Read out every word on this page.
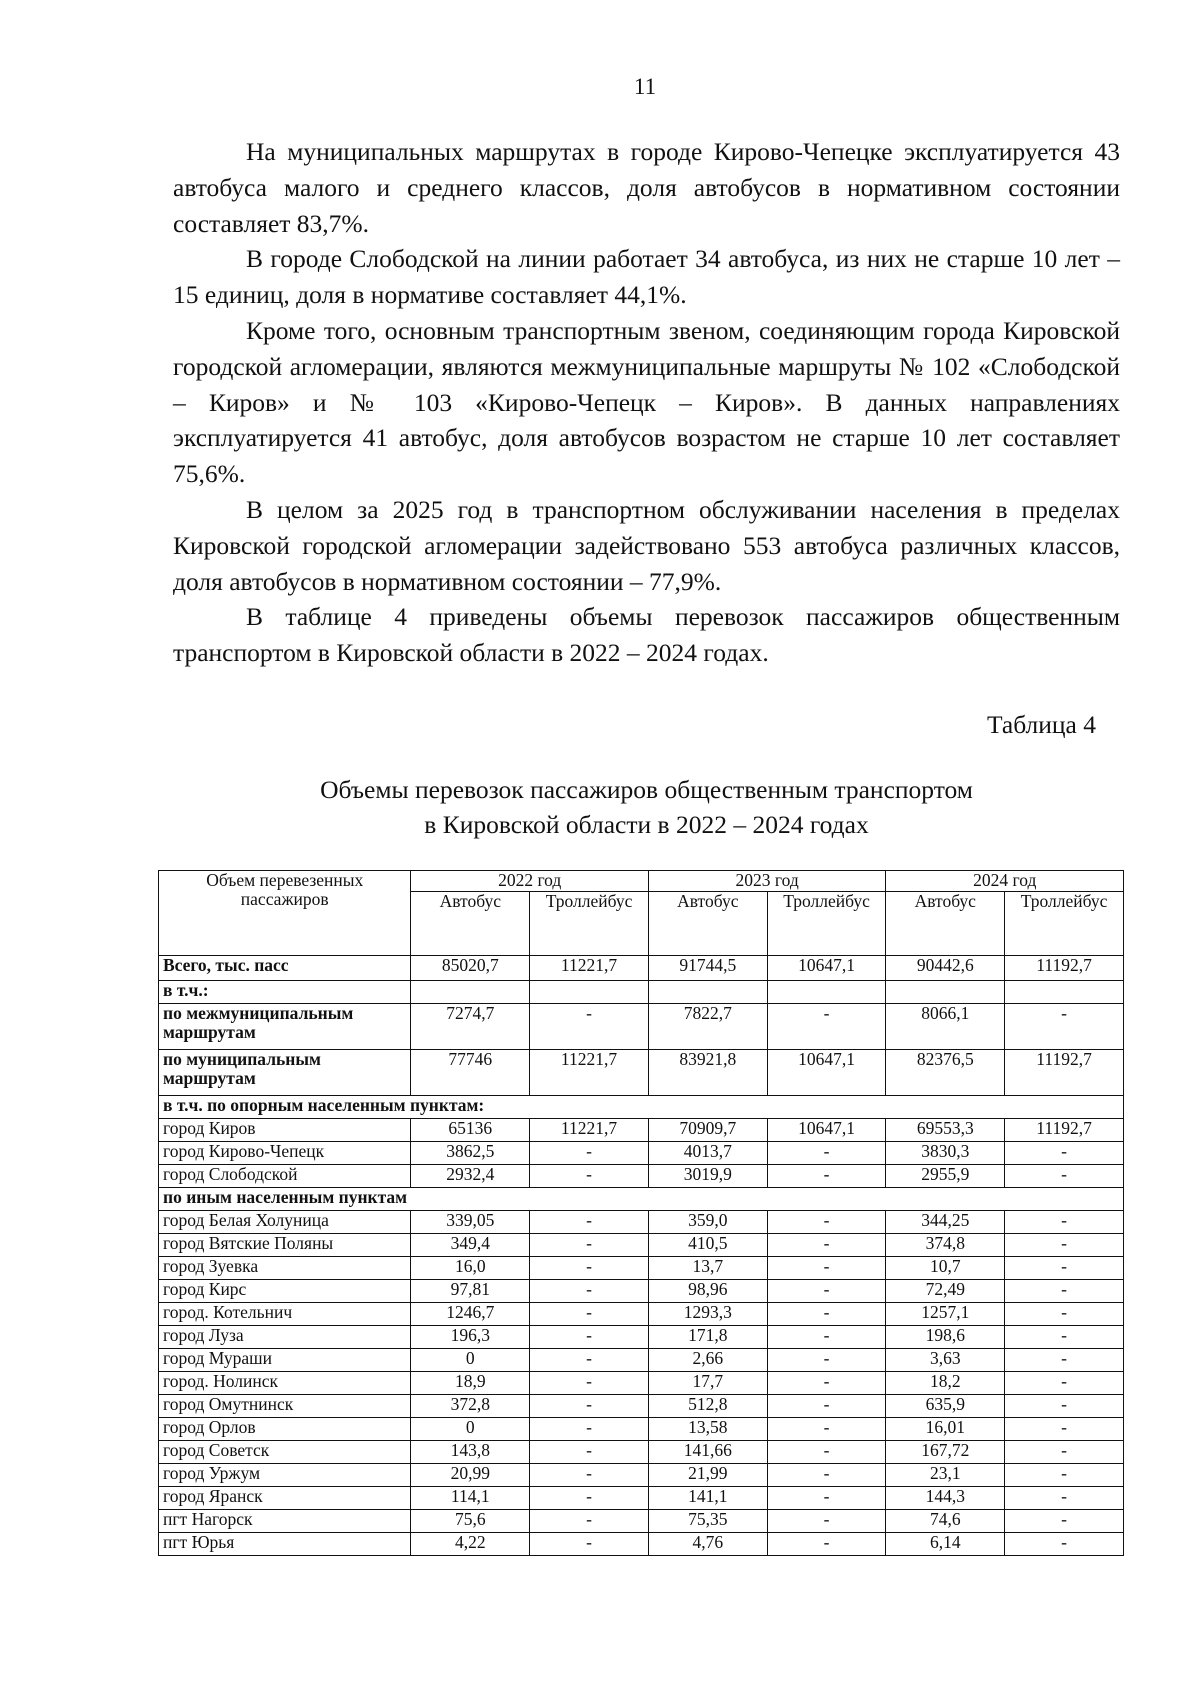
11

На муниципальных маршрутах в городе Кирово-Чепецке эксплуатируется 43 автобуса малого и среднего классов, доля автобусов в нормативном состоянии составляет 83,7%.

В городе Слободской на линии работает 34 автобуса, из них не старше 10 лет – 15 единиц, доля в нормативе составляет 44,1%.

Кроме того, основным транспортным звеном, соединяющим города Кировской городской агломерации, являются межмуниципальные маршруты № 102 «Слободской – Киров» и № 103 «Кирово-Чепецк – Киров». В данных направлениях эксплуатируется 41 автобус, доля автобусов возрастом не старше 10 лет составляет 75,6%.

В целом за 2025 год в транспортном обслуживании населения в пределах Кировской городской агломерации задействовано 553 автобуса различных классов, доля автобусов в нормативном состоянии – 77,9%.

В таблице 4 приведены объемы перевозок пассажиров общественным транспортом в Кировской области в 2022 – 2024 годах.

Таблица 4
Объемы перевозок пассажиров общественным транспортом
в Кировской области в 2022 – 2024 годах
Объем перевезенных пассажиров	2022 год		2023 год		2024 год	
	Автобус	Троллейбус	Автобус	Троллейбус	Автобус	Троллейбус
Всего, тыс. пасс	85020,7	11221,7	91744,5	10647,1	90442,6	11192,7
в т.ч.:						
по межмуниципальным маршрутам	7274,7	-	7822,7	-	8066,1	-
по муниципальным маршрутам	77746	11221,7	83921,8	10647,1	82376,5	11192,7
в т.ч. по опорным населенным пунктам:						
город Киров	65136	11221,7	70909,7	10647,1	69553,3	11192,7
город Кирово-Чепецк	3862,5	-	4013,7	-	3830,3	-
город Слободской	2932,4	-	3019,9	-	2955,9	-
по иным населенным пунктам						
город Белая Холуница	339,05	-	359,0	-	344,25	-
город Вятские Поляны	349,4	-	410,5	-	374,8	-
город Зуевка	16,0	-	13,7	-	10,7	-
город Кирс	97,81	-	98,96	-	72,49	-
город. Котельнич	1246,7	-	1293,3	-	1257,1	-
город Луза	196,3	-	171,8	-	198,6	-
город Мураши	0	-	2,66	-	3,63	-
город. Нолинск	18,9	-	17,7	-	18,2	-
город Омутнинск	372,8	-	512,8	-	635,9	-
город Орлов	0	-	13,58	-	16,01	-
город Советск	143,8	-	141,66	-	167,72	-
город Уржум	20,99	-	21,99	-	23,1	-
город Яранск	114,1	-	141,1	-	144,3	-
пгт Нагорск	75,6	-	75,35	-	74,6	-
пгт Юрья	4,22	-	4,76	-	6,14	-
